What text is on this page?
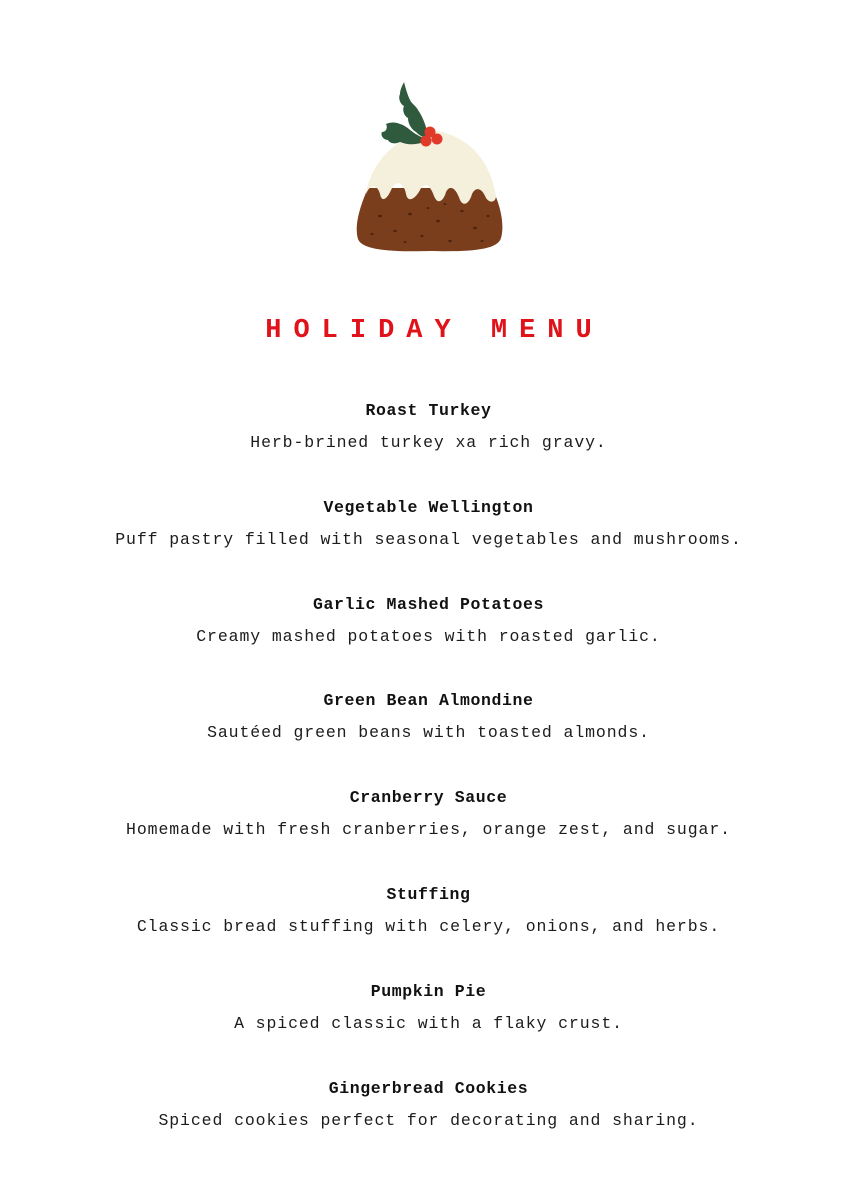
HOLIDAY MENU
Roast Turkey
Herb-brined turkey xa rich gravy.
Vegetable Wellington
Puff pastry filled with seasonal vegetables and mushrooms.
Garlic Mashed Potatoes
Creamy mashed potatoes with roasted garlic.
Green Bean Almondine
Sautéed green beans with toasted almonds.
Cranberry Sauce
Homemade with fresh cranberries, orange zest, and sugar.
Stuffing
Classic bread stuffing with celery, onions, and herbs.
Pumpkin Pie
A spiced classic with a flaky crust.
Gingerbread Cookies
Spiced cookies perfect for decorating and sharing.
